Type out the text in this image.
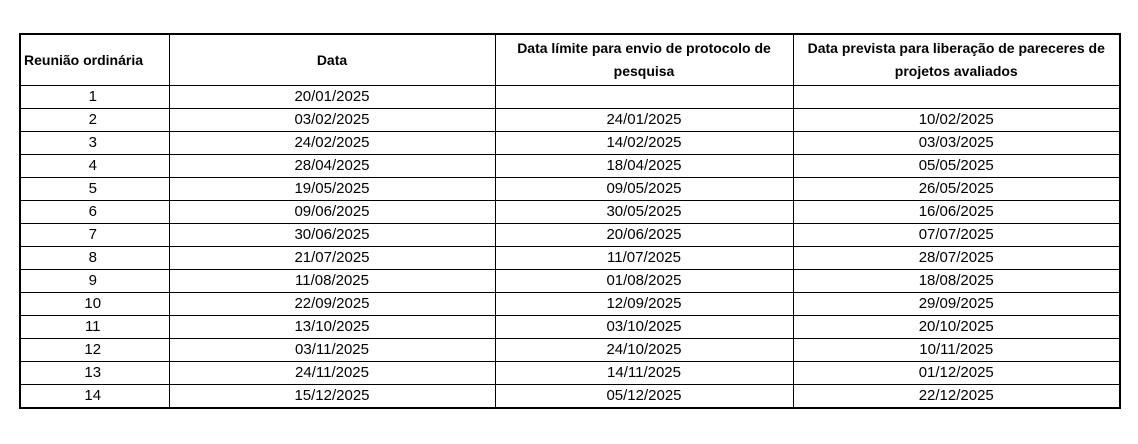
Reunião ordinária	Data	Data límite para envio de protocolo de pesquisa	Data prevista para liberação de pareceres de projetos avaliados
1	20/01/2025		
2	03/02/2025	24/01/2025	10/02/2025
3	24/02/2025	14/02/2025	03/03/2025
4	28/04/2025	18/04/2025	05/05/2025
5	19/05/2025	09/05/2025	26/05/2025
6	09/06/2025	30/05/2025	16/06/2025
7	30/06/2025	20/06/2025	07/07/2025
8	21/07/2025	11/07/2025	28/07/2025
9	11/08/2025	01/08/2025	18/08/2025
10	22/09/2025	12/09/2025	29/09/2025
11	13/10/2025	03/10/2025	20/10/2025
12	03/11/2025	24/10/2025	10/11/2025
13	24/11/2025	14/11/2025	01/12/2025
14	15/12/2025	05/12/2025	22/12/2025
